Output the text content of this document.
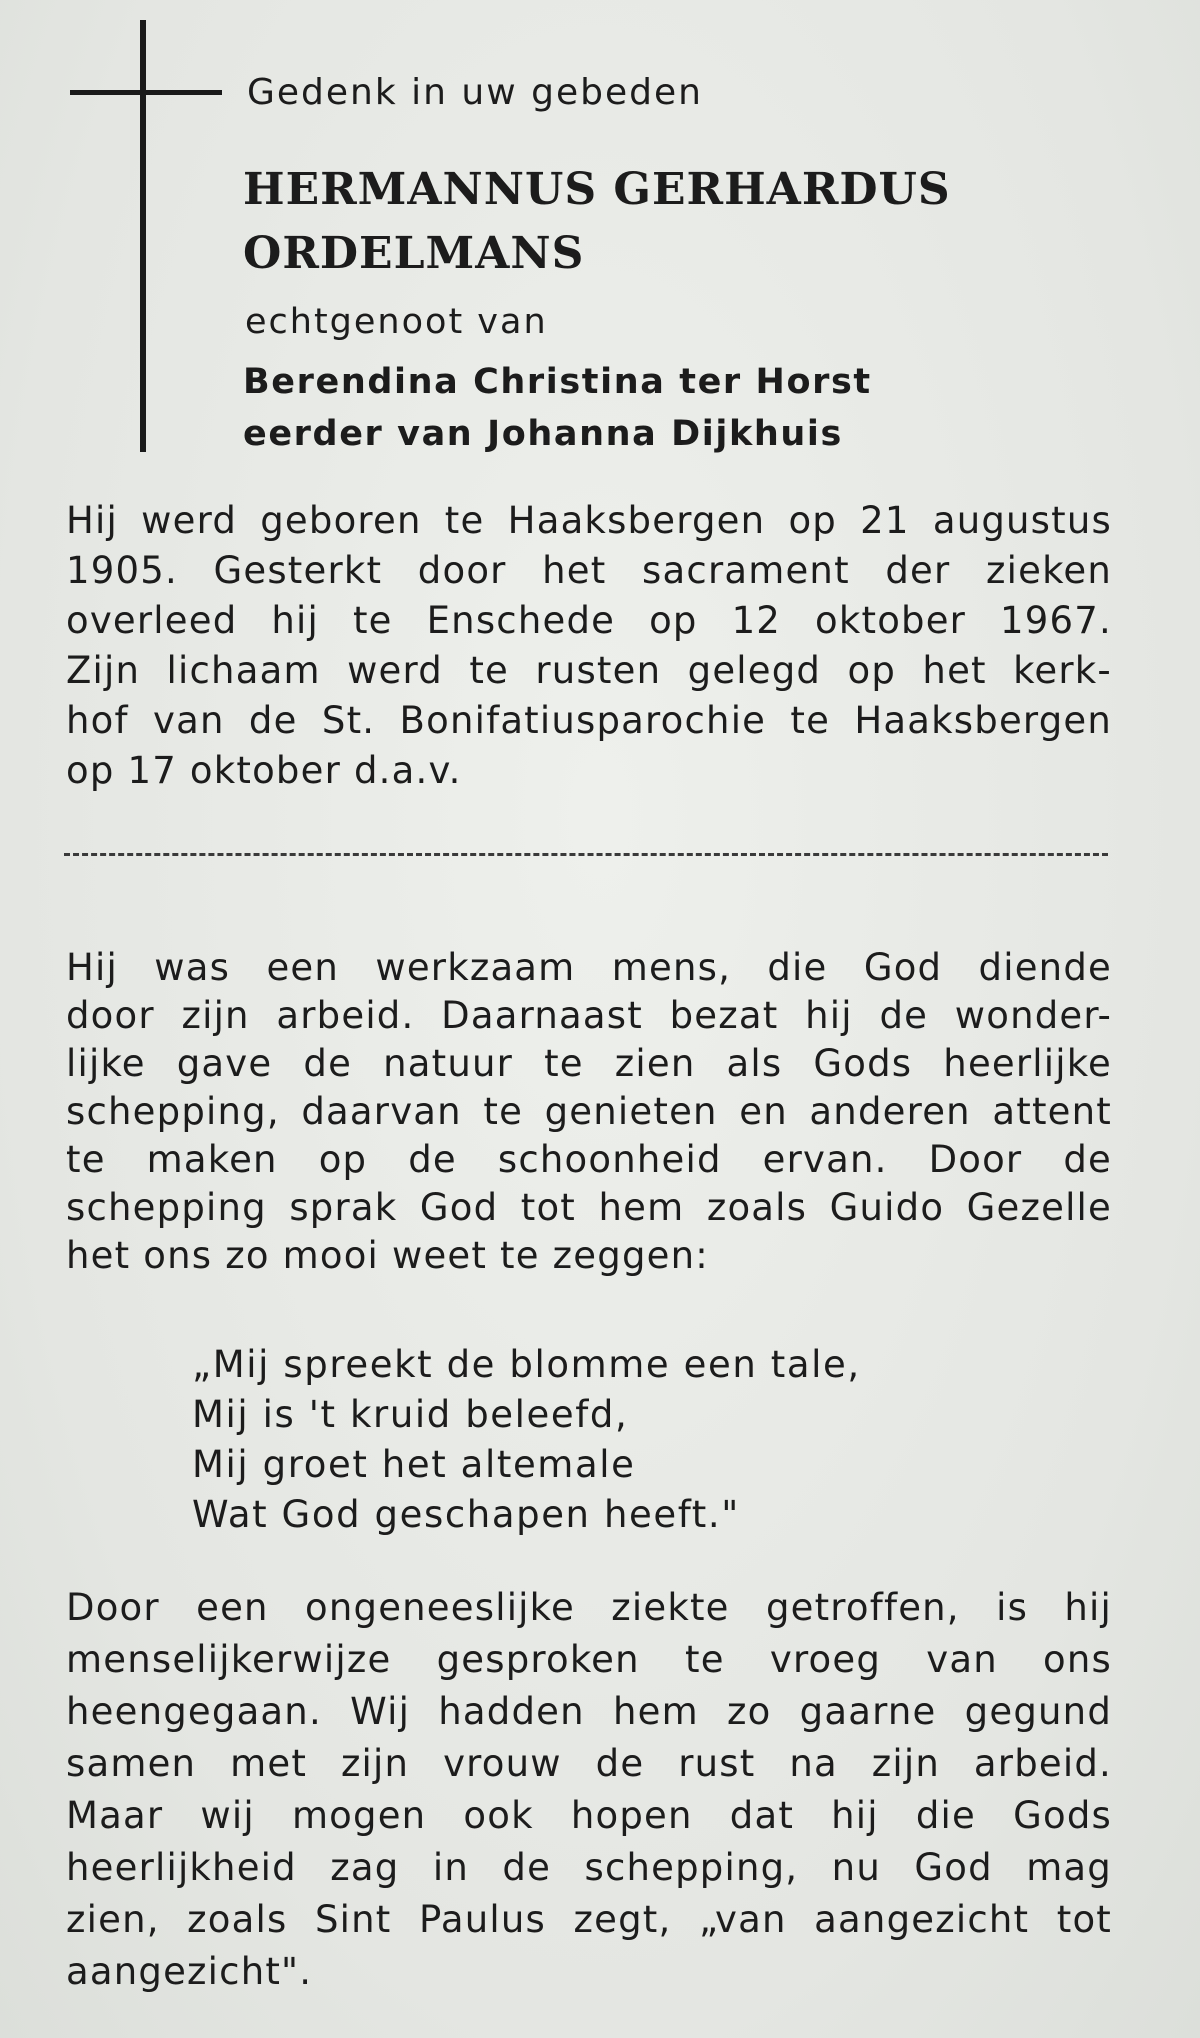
Gedenk in uw gebeden
HERMANNUS GERHARDUS
ORDELMANS
echtgenoot van
Berendina Christina ter Horst
eerder van Johanna Dijkhuis
Hij werd geboren te Haaksbergen op 21 augustus
1905. Gesterkt door het sacrament der zieken
overleed hij te Enschede op 12 oktober 1967.
Zijn lichaam werd te rusten gelegd op het kerk-
hof van de St. Bonifatiusparochie te Haaksbergen
op 17 oktober d.a.v.
Hij was een werkzaam mens, die God diende
door zijn arbeid. Daarnaast bezat hij de wonder-
lijke gave de natuur te zien als Gods heerlijke
schepping, daarvan te genieten en anderen attent
te maken op de schoonheid ervan. Door de
schepping sprak God tot hem zoals Guido Gezelle
het ons zo mooi weet te zeggen:
„Mij spreekt de blomme een tale,
Mij is 't kruid beleefd,
Mij groet het altemale
Wat God geschapen heeft."
Door een ongeneeslijke ziekte getroffen, is hij
menselijkerwijze gesproken te vroeg van ons
heengegaan. Wij hadden hem zo gaarne gegund
samen met zijn vrouw de rust na zijn arbeid.
Maar wij mogen ook hopen dat hij die Gods
heerlijkheid zag in de schepping, nu God mag
zien, zoals Sint Paulus zegt, „van aangezicht tot
aangezicht".
